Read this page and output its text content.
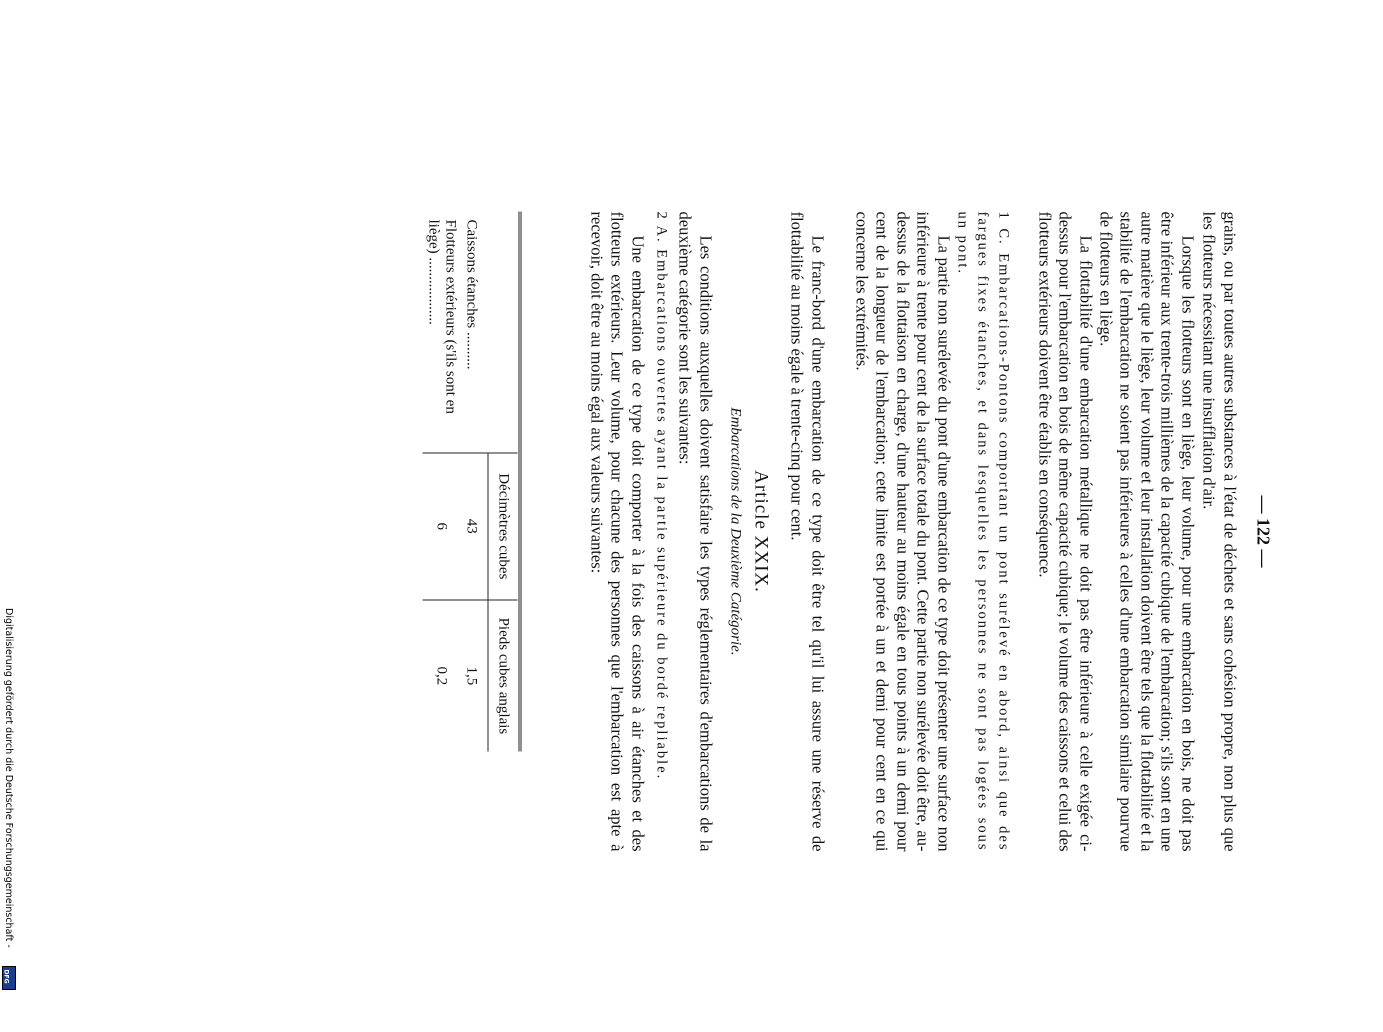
— 122 —
grains, ou par toutes autres substances à l'état de déchets et sans cohésion propre, non plus que les flotteurs nécessitant une insufflation d'air.
Lorsque les flotteurs sont en liège, leur volume, pour une embarcation en bois, ne doit pas être inférieur aux trente-trois millièmes de la capacité cubique de l'embarcation; s'ils sont en une autre matière que le liège, leur volume et leur installation doivent être tels que la flottabilité et la stabilité de l'embarcation ne soient pas inférieures à celles d'une embarcation similaire pourvue de flotteurs en liège.
La flottabilité d'une embarcation métallique ne doit pas être inférieure à celle exigée ci-dessus pour l'embarcation en bois de même capacité cubique; le volume des caissons et celui des flotteurs extérieurs doivent être établis en conséquence.
1 C. Embarcations-Pontons comportant un pont surélevé en abord, ainsi que des fargues fixes étanches, et dans lesquelles les personnes ne sont pas logées sous un pont.
La partie non surélevée du pont d'une embarcation de ce type doit présenter une surface non inférieure à trente pour cent de la surface totale du pont. Cette partie non surélevée doit être, au-dessus de la flottaison en charge, d'une hauteur au moins égale en tous points à un demi pour cent de la longueur de l'embarcation; cette limite est portée à un et demi pour cent en ce qui concerne les extrémités.
Le franc-bord d'une embarcation de ce type doit être tel qu'il lui assure une réserve de flottabilité au moins égale à trente-cinq pour cent.
Article XXIX.
Embarcations de la Deuxième Catégorie.
Les conditions auxquelles doivent satisfaire les types réglementaires d'embarcations de la deuxième catégorie sont les suivantes:
2 A. Embarcations ouvertes ayant la partie supérieure du bordé repliable.
Une embarcation de ce type doit comporter à la fois des caissons à air étanches et des flotteurs extérieurs. Leur volume, pour chacune des personnes que l'embarcation est apte à recevoir, doit être au moins égal aux valeurs suivantes:
	Décimètres cubes	Pieds cubes anglais
Caissons étanches ..........	43	1,5
Flotteurs extérieurs (s'ils sont en liège) ..................	6	0,2
Digitalisierung gefördert durch die Deutsche Forschungsgemeinschaft -
DFG
